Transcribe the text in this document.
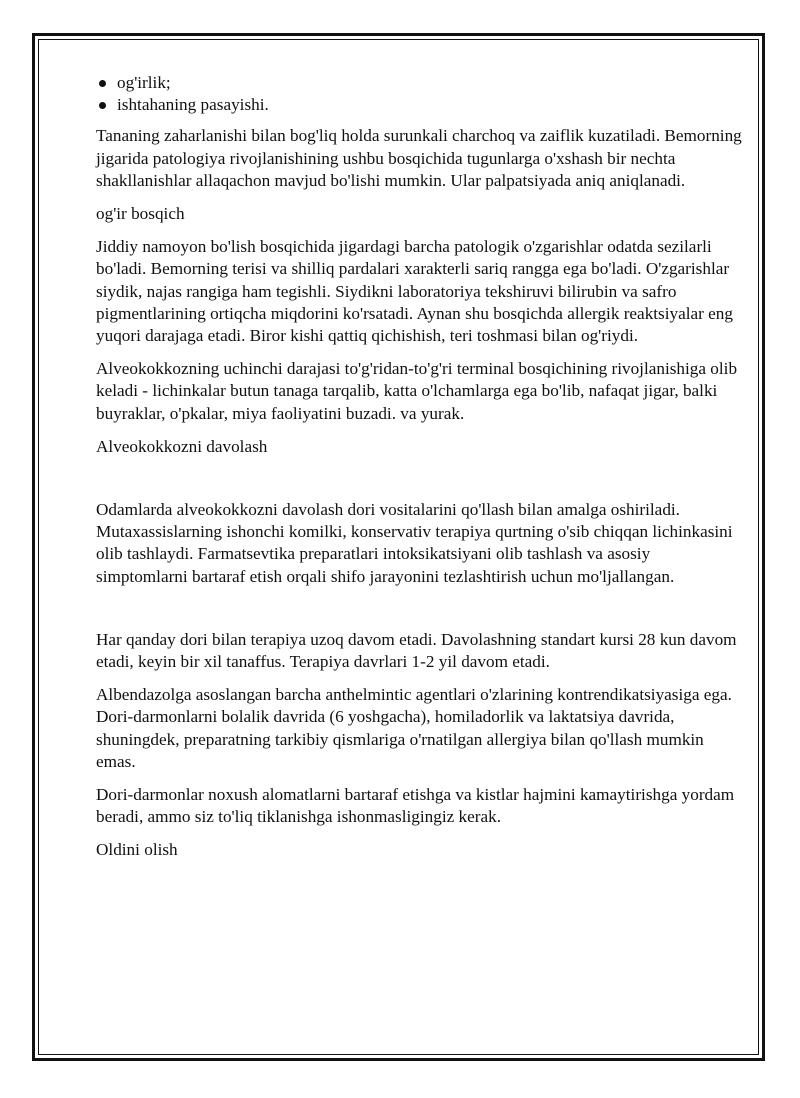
og'irlik;
ishtahaning pasayishi.

Tananing zaharlanishi bilan bog'liq holda surunkali charchoq va zaiflik kuzatiladi. Bemorning jigarida patologiya rivojlanishining ushbu bosqichida tugunlarga o'xshash bir nechta shakllanishlar allaqachon mavjud bo'lishi mumkin. Ular palpatsiyada aniq aniqlanadi.

og'ir bosqich

Jiddiy namoyon bo'lish bosqichida jigardagi barcha patologik o'zgarishlar odatda sezilarli bo'ladi. Bemorning terisi va shilliq pardalari xarakterli sariq rangga ega bo'ladi. O'zgarishlar siydik, najas rangiga ham tegishli. Siydikni laboratoriya tekshiruvi bilirubin va safro pigmentlarining ortiqcha miqdorini ko'rsatadi. Aynan shu bosqichda allergik reaktsiyalar eng yuqori darajaga etadi. Biror kishi qattiq qichishish, teri toshmasi bilan og'riydi.

Alveokokkozning uchinchi darajasi to'g'ridan-to'g'ri terminal bosqichining rivojlanishiga olib keladi - lichinkalar butun tanaga tarqalib, katta o'lchamlarga ega bo'lib, nafaqat jigar, balki buyraklar, o'pkalar, miya faoliyatini buzadi. va yurak.

Alveokokkozni davolash

Odamlarda alveokokkozni davolash dori vositalarini qo'llash bilan amalga oshiriladi. Mutaxassislarning ishonchi komilki, konservativ terapiya qurtning o'sib chiqqan lichinkasini olib tashlaydi. Farmatsevtika preparatlari intoksikatsiyani olib tashlash va asosiy simptomlarni bartaraf etish orqali shifo jarayonini tezlashtirish uchun mo'ljallangan.

Har qanday dori bilan terapiya uzoq davom etadi. Davolashning standart kursi 28 kun davom etadi, keyin bir xil tanaffus. Terapiya davrlari 1-2 yil davom etadi.

Albendazolga asoslangan barcha anthelmintic agentlari o'zlarining kontrendikatsiyasiga ega. Dori-darmonlarni bolalik davrida (6 yoshgacha), homiladorlik va laktatsiya davrida, shuningdek, preparatning tarkibiy qismlariga o'rnatilgan allergiya bilan qo'llash mumkin emas.

Dori-darmonlar noxush alomatlarni bartaraf etishga va kistlar hajmini kamaytirishga yordam beradi, ammo siz to'liq tiklanishga ishonmasligingiz kerak.

Oldini olish
